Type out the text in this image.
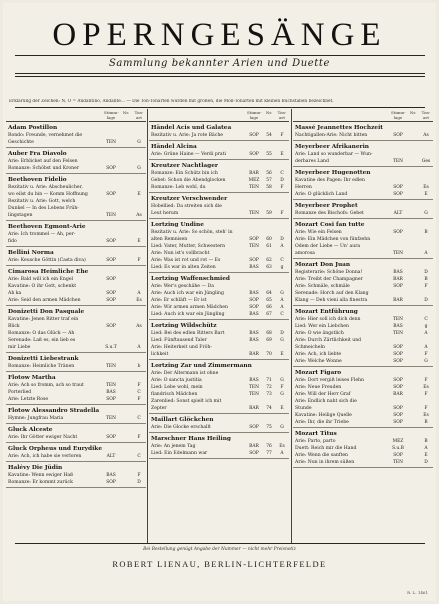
OPERNGESÄNGE
Sammlung bekannter Arien und Duette
Erklärung der Zeichen: Ñ, Ò = Andantino, Andante… — Die Ton-Tonarten wurden mit großen, die Moll-Tonarten mit kleinen Buchstaben bezeichnet.
Stimm-lage
Nr. Ton-art
Adam Postillon
Rondo: Freunde, vernehmet die
Geschichte	TEN	G
Auber Fra Diavolo
Arie: Erblicket auf den Felsen
Romanze: Schöbst und Kroner	SOP	G
Beethoven Fidelio
Rezitativ u. Arie: Abscheulicher,
wo eilst du hin — Komm Hoffnung	SOP	E
Rezitativ u. Arie: Gott, welch
Dunkel — In des Lebens Früh-
lingstagen	TEN	As
Beethoven Egmont-Arie
Arie: Ich trommel — Ah, per-
fido	SOP	E
Bellini Norma
Arie: Keusche Göttin (Casta diva)	SOP	F
Cimarosa Heimliche Ehe
Arie: Bald will ich ein Engel	SOP
Kavatine: O ihr Gott, schenkt
Ah ka	SOP	A
Arie: Seid den armen Mädchen	SOP	Es
Donizetti Don Pasquale
Kavatine: Jenen Ritter traf ein
Blick	SOP	As
Romanze: O das Glück — Ah
Serenade: Laß es, ein lieb es
mir Liebe	S.u.T	A
Donizetti Liebestrank
Romanze: Heimliche Tränen	TEN	b
Flotow Martha
Arie: Ach so fromm, ach so traut	TEN	F
Porterlied	BAS	C
Arie: Letzte Rose	SOP	F
Flotow Alessandro Stradella
Hymne: Jungfrau Maria	TEN	C
Gluck Alceste
Arie: Ihr Götter ewiger Nacht	SOP	F
Gluck Orpheus und Eurydike
Arie: Ach, ich habe sie verloren	ALT	C
Halévy Die Jüdin
Kavatine: Wenn ewiger Haß	BAS	F
Romanze: Er kommt zurück	SOP	D
Stimm-lage
Nr. Ton-art
Händel Acis und Galatea
Rezitativ u. Arie: Ja rote Bäche	SOP	54	F
Händel Alcina
Arie: Grüne Haine — Verdi prati	SOP	55	E
Kreutzer Nachtlager
Romanze: Ein Schütz bin ich	BAR	56	C
Gebet: Schon die Abendglocken	MEZ	57	D
Romanze: Leb wohl, du	TEN	58	F
Kreutzer Verschwender
Hobellied: Da streiten sich die
Leut herum	TEN	59	F
Lortzing Undine
Rezitativ u. Arie: So schön, steh' in
alten Remnisen	SOP	60	D
Lied: Vater, Mutter, Schwestern	TEN	61	A
Arie: Nun ist's vollbracht
Arie: Was ist rot und rot — Es	SOP	62	C
Lied: Es war in alten Zeiten	BAS	63	g
Lortzing Waffenschmied
Arie: Wer's geschähe — Da
Arie: Auch ich war ein Jüngling	BAS	64	G
Arie: Er schläft — Er ist	SOP	65	A
Arie: Wir armen armen Mädchen	SOP	66	A
Lied: Auch ich war ein Jüngling	BAS	67	C
Lortzing Wildschütz
Lied: Bei des edlen Ritters Bart	BAS	68	D
Lied: Fünftausend Taler	BAS	69	G
Arie: Heiterkeit und Fröh-
lichkeit	BAR	70	E
Lortzing Zar und Zimmermann
Arie: Der Altermann ist ohne
Arie: O sancta justitia	BAS	71	G
Lied: Lebe wohl, mein	TEN	72	F
flandrisch Mädchen	TEN	73	G
Zarenlied: Sonst spielt ich mit
Zepter	BAR	74	E
Maillart Glöckchen
Arie: Die Glocke erschallt	SOP	75	G
Marschner Hans Heiling
Arie: An jenem Tag	BAR	76	Es
Lied: Ein Edelmann war	SOP	77	A
Stimm-lage
Nr. Ton-art
Massé Jeannettes Hochzeit
Nachtigallen-Arie: Nicht bitten	SOP	As
Meyerbeer Afrikanerin
Arie: Land so wunderbar — Wun-
derbares Land	TEN	Ges
Meyerbeer Hugenotten
Kavatine des Pagen: Ihr edlen
Herren	SOP	Es
Arie: O glücklich Land	SOP	E
Meyerbeer Prophet
Romanze des Bischofs: Gebet	ALT	G
Mozart Cosi fan tutte
Arie: Wie ein Felsen	SOP	B
Arie: Ein Mädchen von fünfzehn
Odem der Liebe — Un' aura
amorosa	TEN	A
Mozart Don Juan
Registerarie: Schöne Donna!	BAS	D
Arie: Treibt der Champagner	BAR	B
Arie: Schmäle, schmäle	SOP	F
Serenade: Horch auf den Klang
Klang — Deh vieni alla finestra	BAR	D
Mozart Entführung
Arie: Hier soll ich dich denn	TEN	C
Lied: Wer ein Liebchen	BAS	g
Arie: O wie ängstlich	TEN	A
Arie: Durch Zärtlichkeit und
Schmeicheln	SOP	A
Arie: Ach, ich liebte	SOP	F
Arie: Welche Wonne	SOP	G
Mozart Figaro
Arie: Dort vergiß leises Flehn	SOP	F
Arie: Neue Freuden	SOP	Es
Arie: Will der Herr Graf	BAR	F
Arie: Endlich naht sich die
Stunde	SOP	F
Kavatine: Heilige Quelle	SOP	Es
Arie: Ihr, die ihr Triebe	SOP	B
Mozart Titus
Arie: Parto, parto	MEZ	B
Duett: Reich mir die Hand	S.u.B	A
Arie: Wenn die sanften	SOP	E
Arie: Nun in ihrem süßen	TEN	D
Bei Bestellung genügt Angabe der Nummer — nicht mehr Preisnotiz
ROBERT LIENAU, BERLIN-LICHTERFELDE
R. L. 1461
